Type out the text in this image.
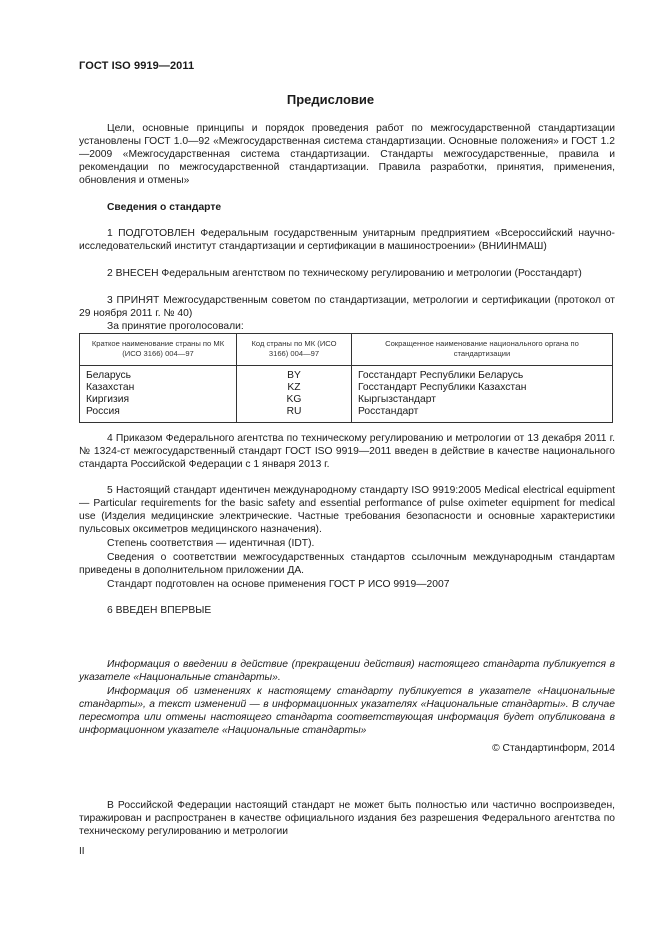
ГОСТ ISO 9919—2011
Предисловие
Цели, основные принципы и порядок проведения работ по межгосударственной стандартизации установлены ГОСТ 1.0—92 «Межгосударственная система стандартизации. Основные положения» и ГОСТ 1.2—2009 «Межгосударственная система стандартизации. Стандарты межгосударственные, правила и рекомендации по межгосударственной стандартизации. Правила разработки, принятия, применения, обновления и отмены»
Сведения о стандарте
1 ПОДГОТОВЛЕН Федеральным государственным унитарным предприятием «Всероссийский научно-исследовательский институт стандартизации и сертификации в машиностроении» (ВНИИНМАШ)
2 ВНЕСЕН Федеральным агентством по техническому регулированию и метрологии (Росстандарт)
3 ПРИНЯТ Межгосударственным советом по стандартизации, метрологии и сертификации (протокол от 29 ноября 2011 г. № 40)
За принятие проголосовали:
Краткое наименование страны по МК (ИСО 3166) 004—97	Код страны по МК (ИСО 3166) 004—97	Сокращенное наименование национального органа по стандартизации
Беларусь	BY	Госстандарт Республики Беларусь
Казахстан	KZ	Госстандарт Республики Казахстан
Киргизия	KG	Кыргызстандарт
Россия	RU	Росстандарт
4 Приказом Федерального агентства по техническому регулированию и метрологии от 13 декабря 2011 г. № 1324-ст межгосударственный стандарт ГОСТ ISO 9919—2011 введен в действие в качестве национального стандарта Российской Федерации с 1 января 2013 г.
5 Настоящий стандарт идентичен международному стандарту ISO 9919:2005 Medical electrical equipment — Particular requirements for the basic safety and essential performance of pulse oximeter equipment for medical use (Изделия медицинские электрические. Частные требования безопасности и основные характеристики пульсовых оксиметров медицинского назначения).
Степень соответствия — идентичная (IDT).
Сведения о соответствии межгосударственных стандартов ссылочным международным стандартам приведены в дополнительном приложении ДА.
Стандарт подготовлен на основе применения ГОСТ Р ИСО 9919—2007
6 ВВЕДЕН ВПЕРВЫЕ
Информация о введении в действие (прекращении действия) настоящего стандарта публикуется в указателе «Национальные стандарты».
Информация об изменениях к настоящему стандарту публикуется в указателе «Национальные стандарты», а текст изменений — в информационных указателях «Национальные стандарты». В случае пересмотра или отмены настоящего стандарта соответствующая информация будет опубликована в информационном указателе «Национальные стандарты»
© Стандартинформ, 2014
В Российской Федерации настоящий стандарт не может быть полностью или частично воспроизведен, тиражирован и распространен в качестве официального издания без разрешения Федерального агентства по техническому регулированию и метрологии
II
